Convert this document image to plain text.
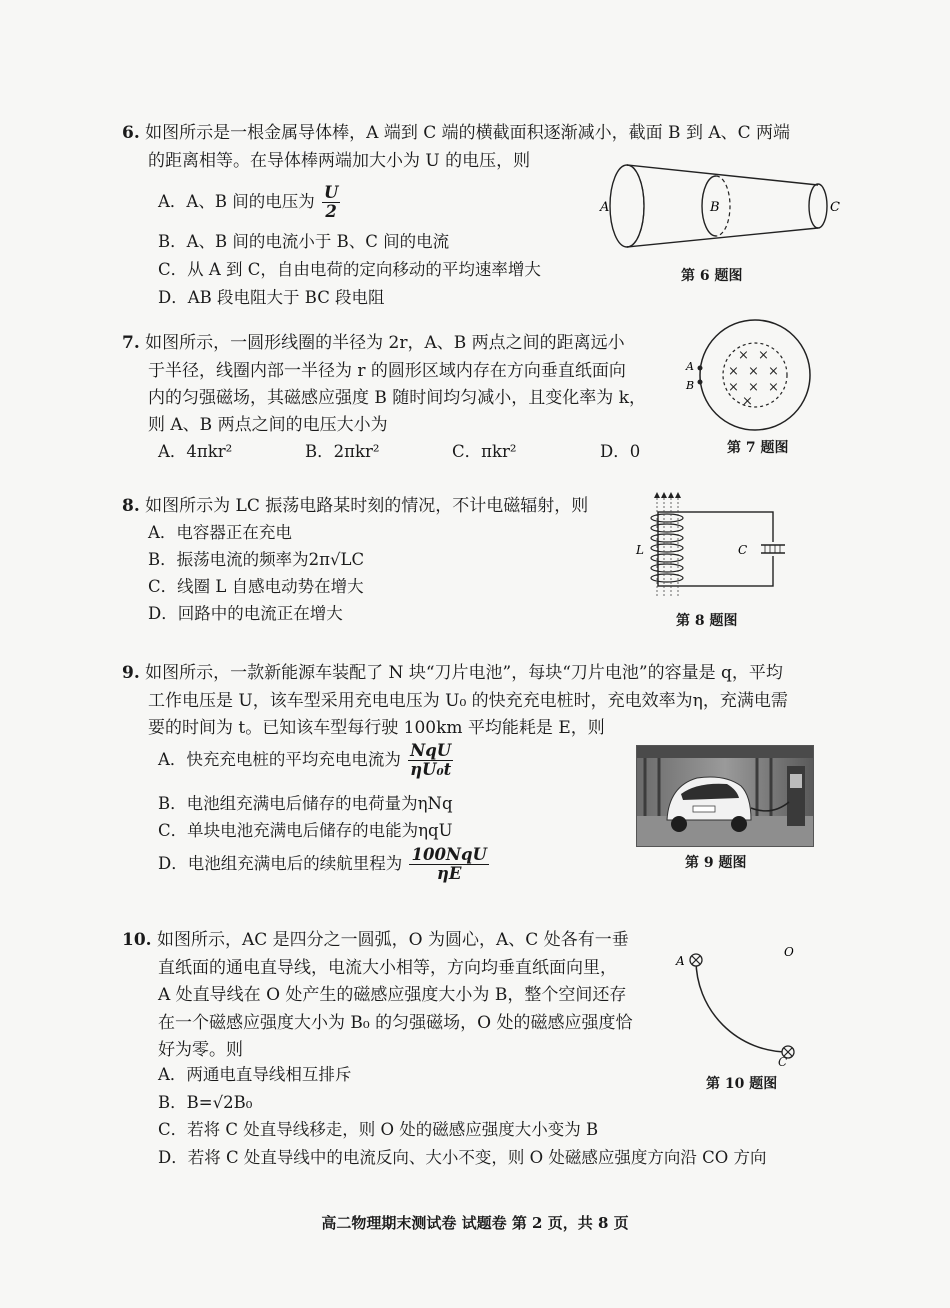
6. 如图所示是一根金属导体棒，A 端到 C 端的横截面积逐渐减小，截面 B 到 A、C 两端
的距离相等。在导体棒两端加大小为 U 的电压，则
A．A、B 间的电压为 $\frac{U}{2}$
B．A、B 间的电流小于 B、C 间的电流
C．从 A 到 C，自由电荷的定向移动的平均速率增大
D．AB 段电阻大于 BC 段电阻
A	B	C
第 6 题图
7. 如图所示，一圆形线圈的半径为 2r，A、B 两点之间的距离远小
于半径，线圈内部一半径为 r 的圆形区域内存在方向垂直纸面向
内的匀强磁场，其磁感应强度 B 随时间均匀减小，且变化率为 k，
则 A、B 两点之间的电压大小为
A．4πkr²	B．2πkr²	C．πkr²	D．0
× ×
× × ×
× × ×
×
A
B
第 7 题图
8. 如图所示为 LC 振荡电路某时刻的情况，不计电磁辐射，则
A．电容器正在充电
B．振荡电流的频率为2π√LC
C．线圈 L 自感电动势在增大
D．回路中的电流正在增大
L	C
第 8 题图
9. 如图所示，一款新能源车装配了 N 块“刀片电池”，每块“刀片电池”的容量是 q，平均
工作电压是 U，该车型采用充电电压为 U₀ 的快充充电桩时，充电效率为η，充满电需
要的时间为 t。已知该车型每行驶 100km 平均能耗是 E，则
A．快充充电桩的平均充电电流为 $\frac{\text{NqU}}{\text{ηU₀t}}$
B．电池组充满电后储存的电荷量为ηNq
C．单块电池充满电后储存的电能为ηqU
D．电池组充满电后的续航里程为 $\frac{\text{100NqU}}{\eta E}$	第 9 题图
10. 如图所示，AC 是四分之一圆弧，O 为圆心，A、C 处各有一垂
直纸面的通电直导线，电流大小相等，方向均垂直纸面向里，
A 处直导线在 O 处产生的磁感应强度大小为 B，整个空间还存
在一个磁感应强度大小为 B₀ 的匀强磁场，O 处的磁感应强度恰
好为零。则
A．两通电直导线相互排斥
B．B=√2B₀
C．若将 C 处直导线移走，则 O 处的磁感应强度大小变为 B
D．若将 C 处直导线中的电流反向、大小不变，则 O 处磁感应强度方向沿 CO 方向
A
O
C
第 10 题图
高二物理期末测试卷 试题卷 第 2 页，共 8 页
